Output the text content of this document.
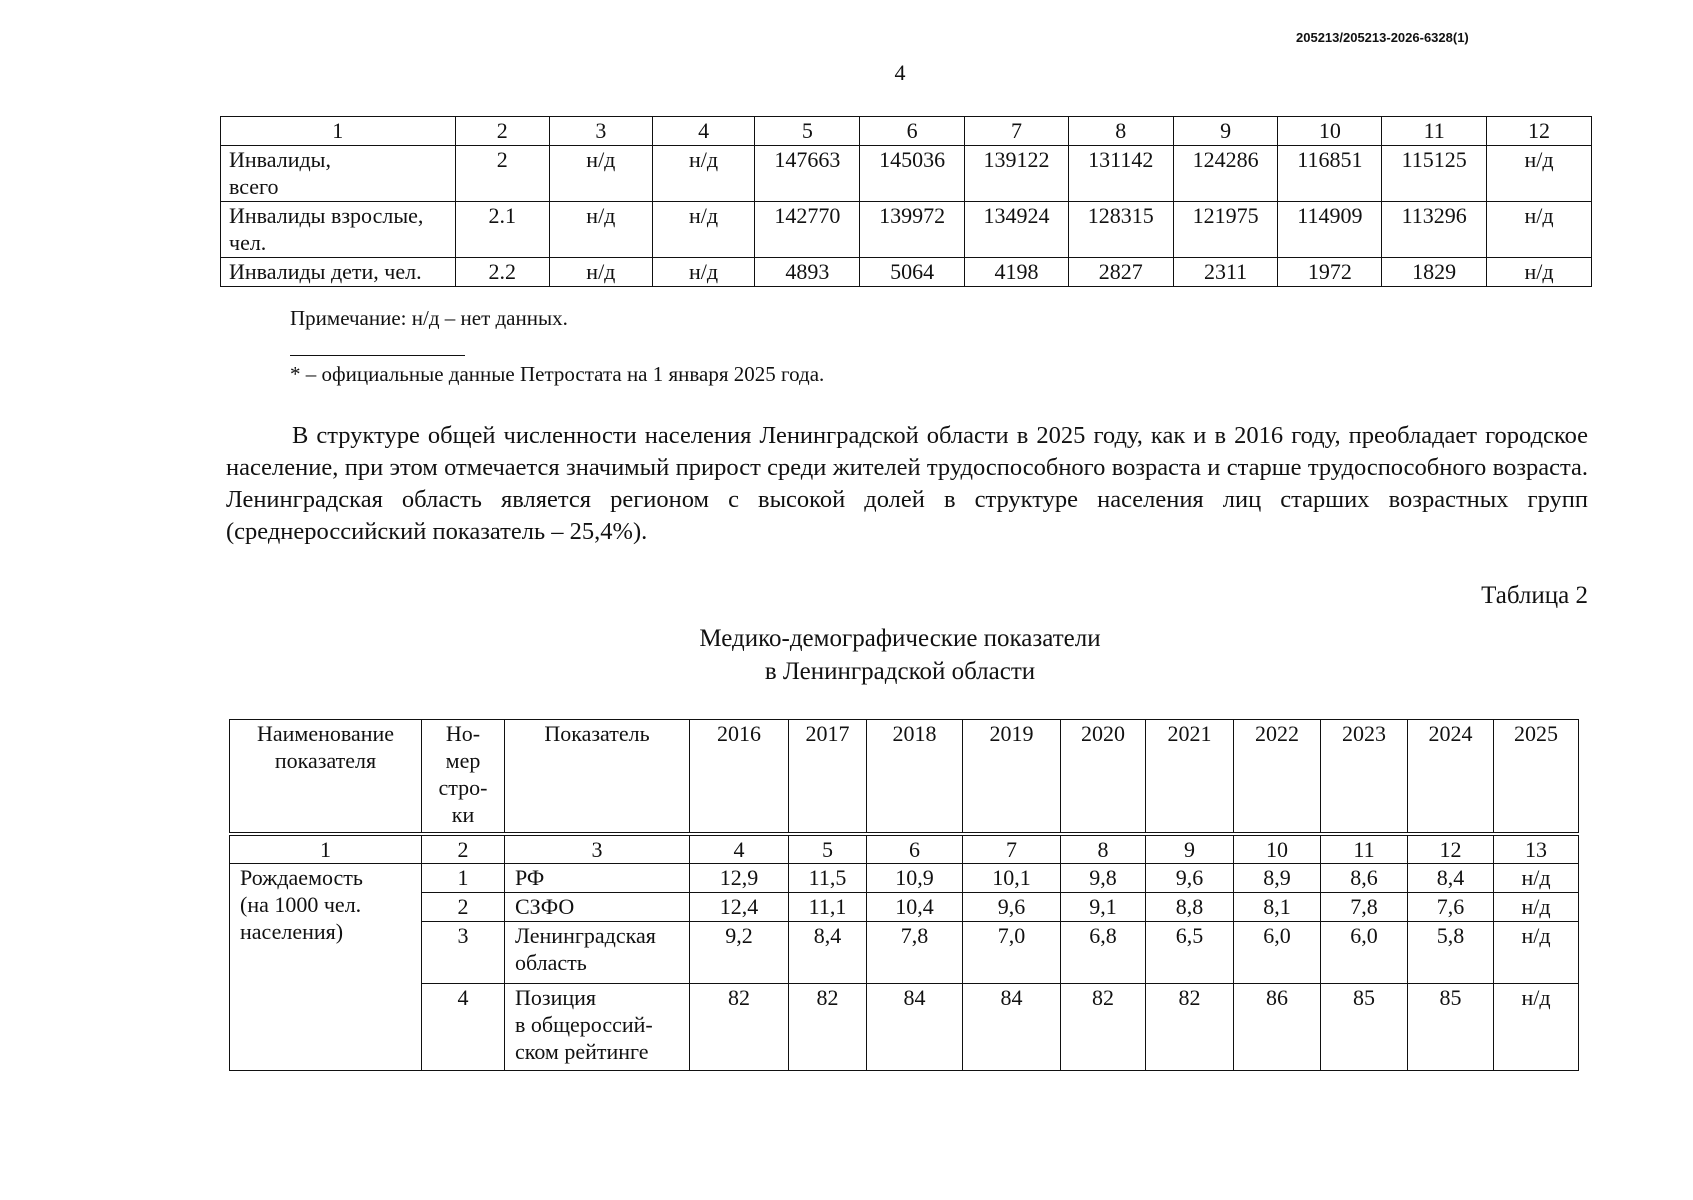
205213/205213-2026-6328(1)
4
1	2	3	4	5	6	7	8	9	10	11	12
Инвалиды,
всего	2	н/д	н/д	147663	145036	139122	131142	124286	116851	115125	н/д
Инвалиды взрослые,
чел.	2.1	н/д	н/д	142770	139972	134924	128315	121975	114909	113296	н/д
Инвалиды дети, чел.	2.2	н/д	н/д	4893	5064	4198	2827	2311	1972	1829	н/д
Примечание: н/д – нет данных.
* – официальные данные Петростата на 1 января 2025 года.

В структуре общей численности населения Ленинградской области в 2025 году, как и в 2016 году, преобладает городское население, при этом отмечается значимый прирост среди жителей трудоспособного возраста и старше трудоспособного возраста. Ленинградская область является регионом с высокой долей в структуре населения лиц старших возрастных групп (среднероссийский показатель – 25,4%).

Таблица 2
Медико-демографические показатели
в Ленинградской области
Наименование
показателя	Но-
мер
стро-
ки	Показатель	2016	2017	2018	2019	2020	2021	2022	2023	2024	2025
1	2	3	4	5	6	7	8	9	10	11	12	13
Рождаемость
(на 1000 чел.
населения)	1	РФ	12,9	11,5	10,9	10,1	9,8	9,6	8,9	8,6	8,4	н/д
	2	СЗФО	12,4	11,1	10,4	9,6	9,1	8,8	8,1	7,8	7,6	н/д
	3	Ленинградская
область	9,2	8,4	7,8	7,0	6,8	6,5	6,0	6,0	5,8	н/д
	4	Позиция
в общероссий-
ском рейтинге	82	82	84	84	82	82	86	85	85	н/д
